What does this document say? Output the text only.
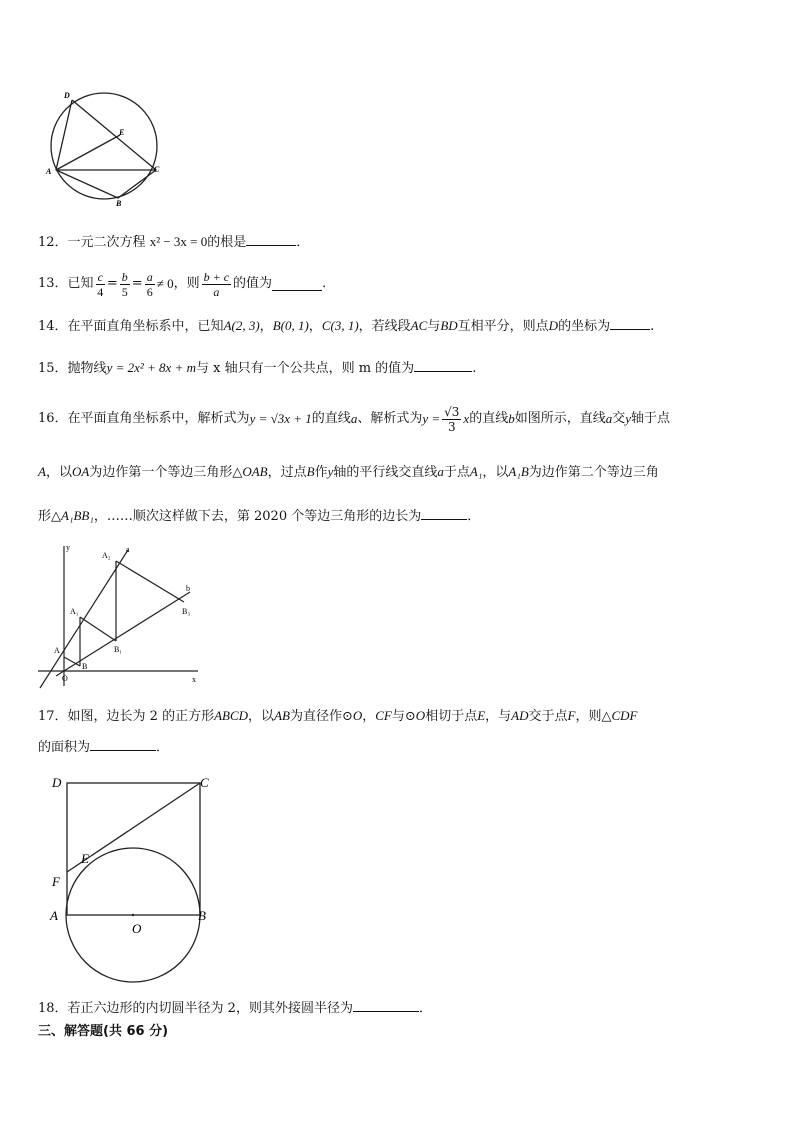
D
E
A	C
B
12．一元二次方程 x² − 3x = 0的根是	．
13． 已知 $\frac{c}{4} = \frac{b}{5} = \frac{a}{6} \ne 0$ ，则 $\frac{b + c}{a}$ 的值为	．
14．在平面直角坐标系中，已知A(2, 3)，B(0, 1)，C(3, 1)，若线段AC与BD互相平分，则点D的坐标为	.
15．抛物线y = 2x² + 8x + m与 x 轴只有一个公共点，则 m 的值为	.
16． 在平面直角坐标系中，解析式为 y = √3x + 1 的直线 a 、解析式为 $y = \frac{√3}{3}$ x 的直线 b 如图所示，直线 a 交 y 轴于点
A，以OA为边作第一个等边三角形△OAB，过点B作y轴的平行线交直线a于点A₁，以A₁B为边作第二个等边三角
形△A₁BB₁，……顺次这样做下去，第 2020 个等边三角形的边长为	．
y
A₂
a
b
B₃
A₁
B₁
A
B
O	x
17．如图，边长为 2 的正方形ABCD，以AB为直径作⊙O，CF与⊙O相切于点E，与AD交于点F，则△CDF
的面积为	．
D	C
E
F
A	B
O
18．若正六边形的内切圆半径为 2，则其外接圆半径为	．
三、解答题(共 66 分)
